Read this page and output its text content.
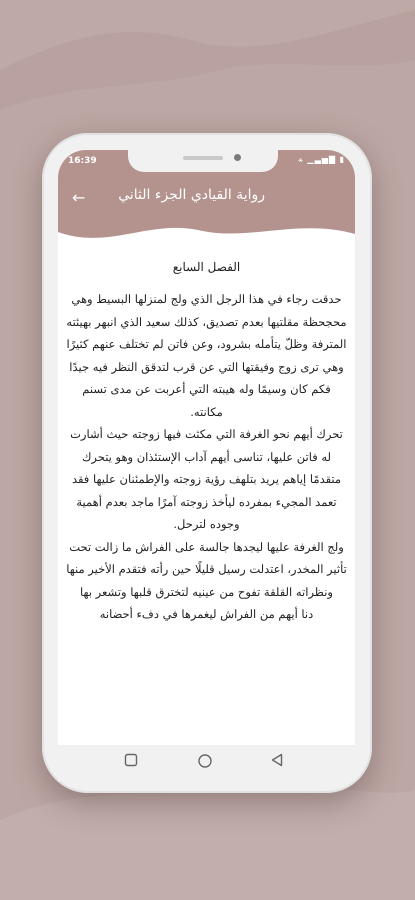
16:39	⚹ ▁▃▅▇ ▮
← رواية القيادي الجزء الثاني

الفصل السابع

حدقت رجاء في هذا الرجل الذي ولج لمنزلها البسيط وهي محجحظة مقلتيها بعدم تصديق، كذلك سعيد الذي انبهر بهيئته المترفة وظلّ يتأمله بشرود، وعن فاتن لم تختلف عنهم كثيرًا وهي ترى زوج وفيقتها التي عن قرب لتدقق النظر فيه جيدًا فكم كان وسيمًا وله هيبته التي أعربت عن مدى تسنم مكانته.

تحرك أيهم نحو الغرفة التي مكثت فيها زوجته حيث أشارت له فاتن عليها، تناسى أيهم آداب الإستئذان وهو يتحرك متقدمًا إياهم يريد بتلهف رؤية زوجته والإطمئنان عليها فقد تعمد المجيء بمفرده ليأخذ زوجته آمرًا ماجد بعدم أهمية وجوده لترحل.

ولج الغرفة عليها ليجدها جالسة على الفراش ما زالت تحت تأثير المخدر، اعتدلت رسيل قليلًا حين رأته فتقدم الأخير منها ونظراته القلقة تفوح من عينيه لتخترق قلبها وتشعر بها

دنا أيهم من الفراش ليغمرها في دفء أحضانه
